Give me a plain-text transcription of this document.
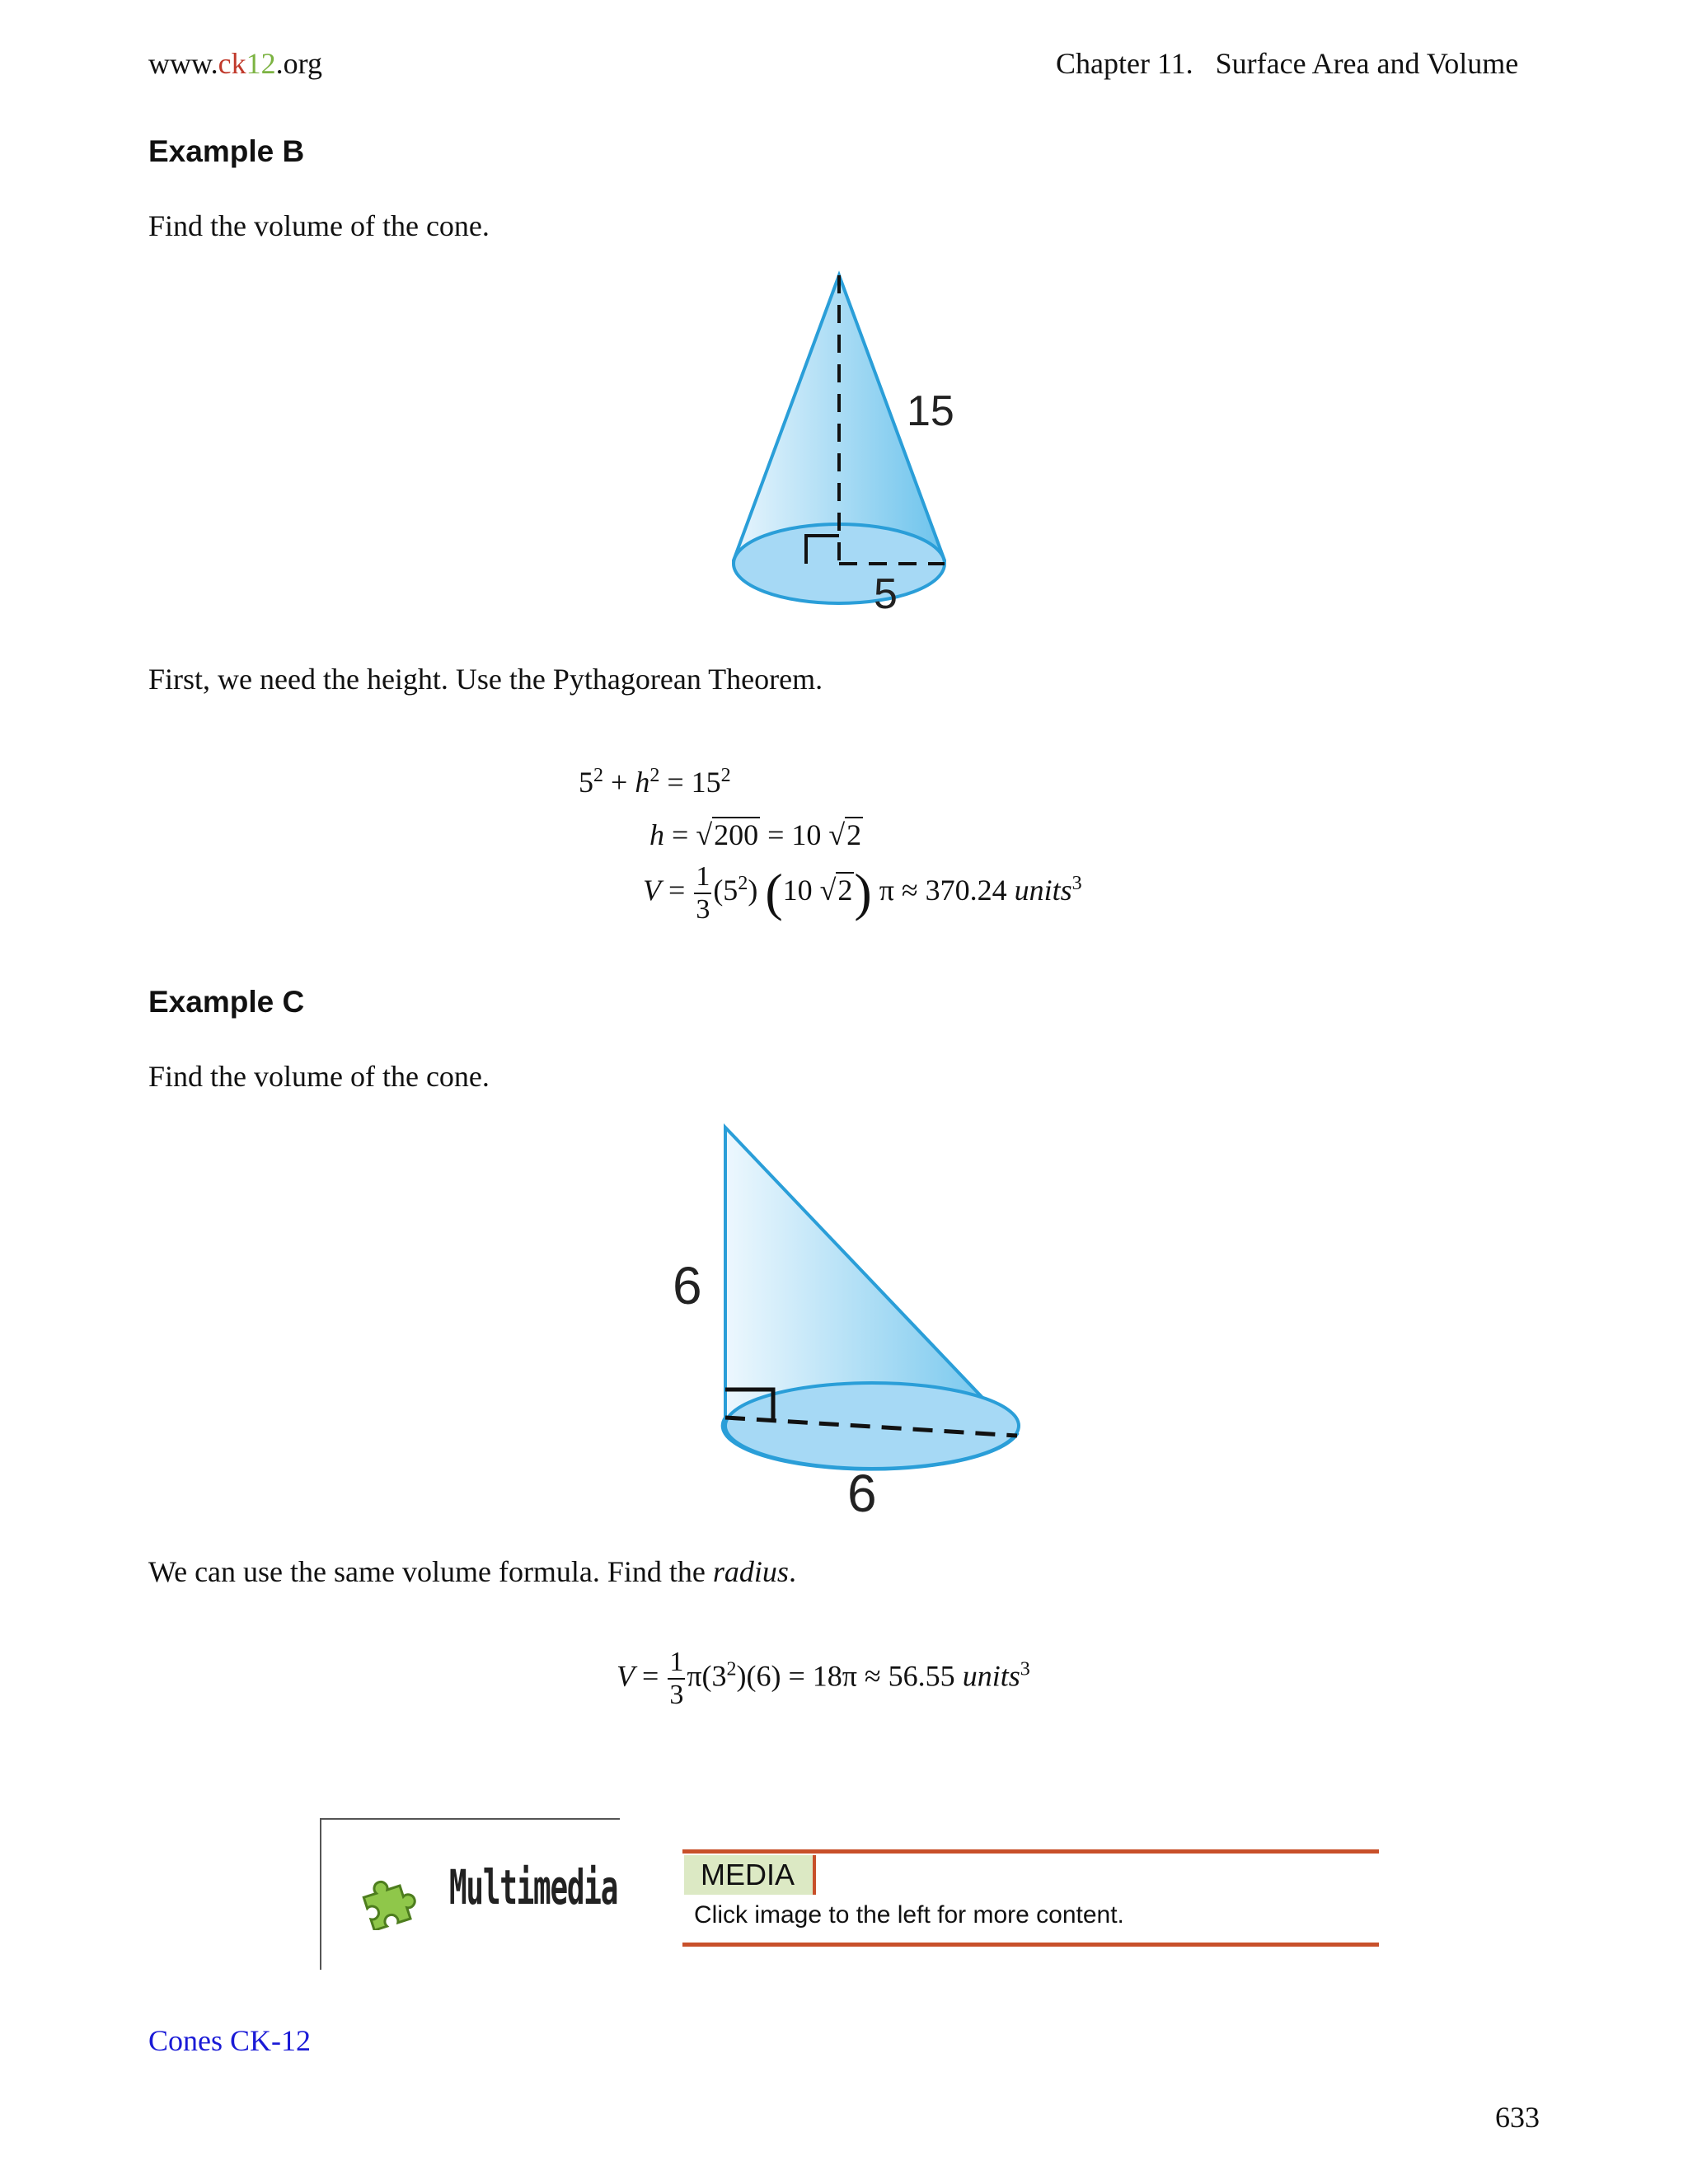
www.ck12.org	Chapter 11. Surface Area and Volume
Example B
Find the volume of the cone.
15
5
First, we need the height. Use the Pythagorean Theorem.
$5^2 + h^2 = 15^2$
h = √200 = 10 √2
$V = \frac{1}{3} (5^2)$ (10 √2) π ≈ 370.24 units$^3$
Example C
Find the volume of the cone.
6
6
We can use the same volume formula. Find the radius.
$V = \frac{1}{3} \pi(3^2)(6) = 18\pi \approx 56.55$ units$^3$
Multimedia	MEDIA
Click image to the left for more content.
Cones CK-12
633
